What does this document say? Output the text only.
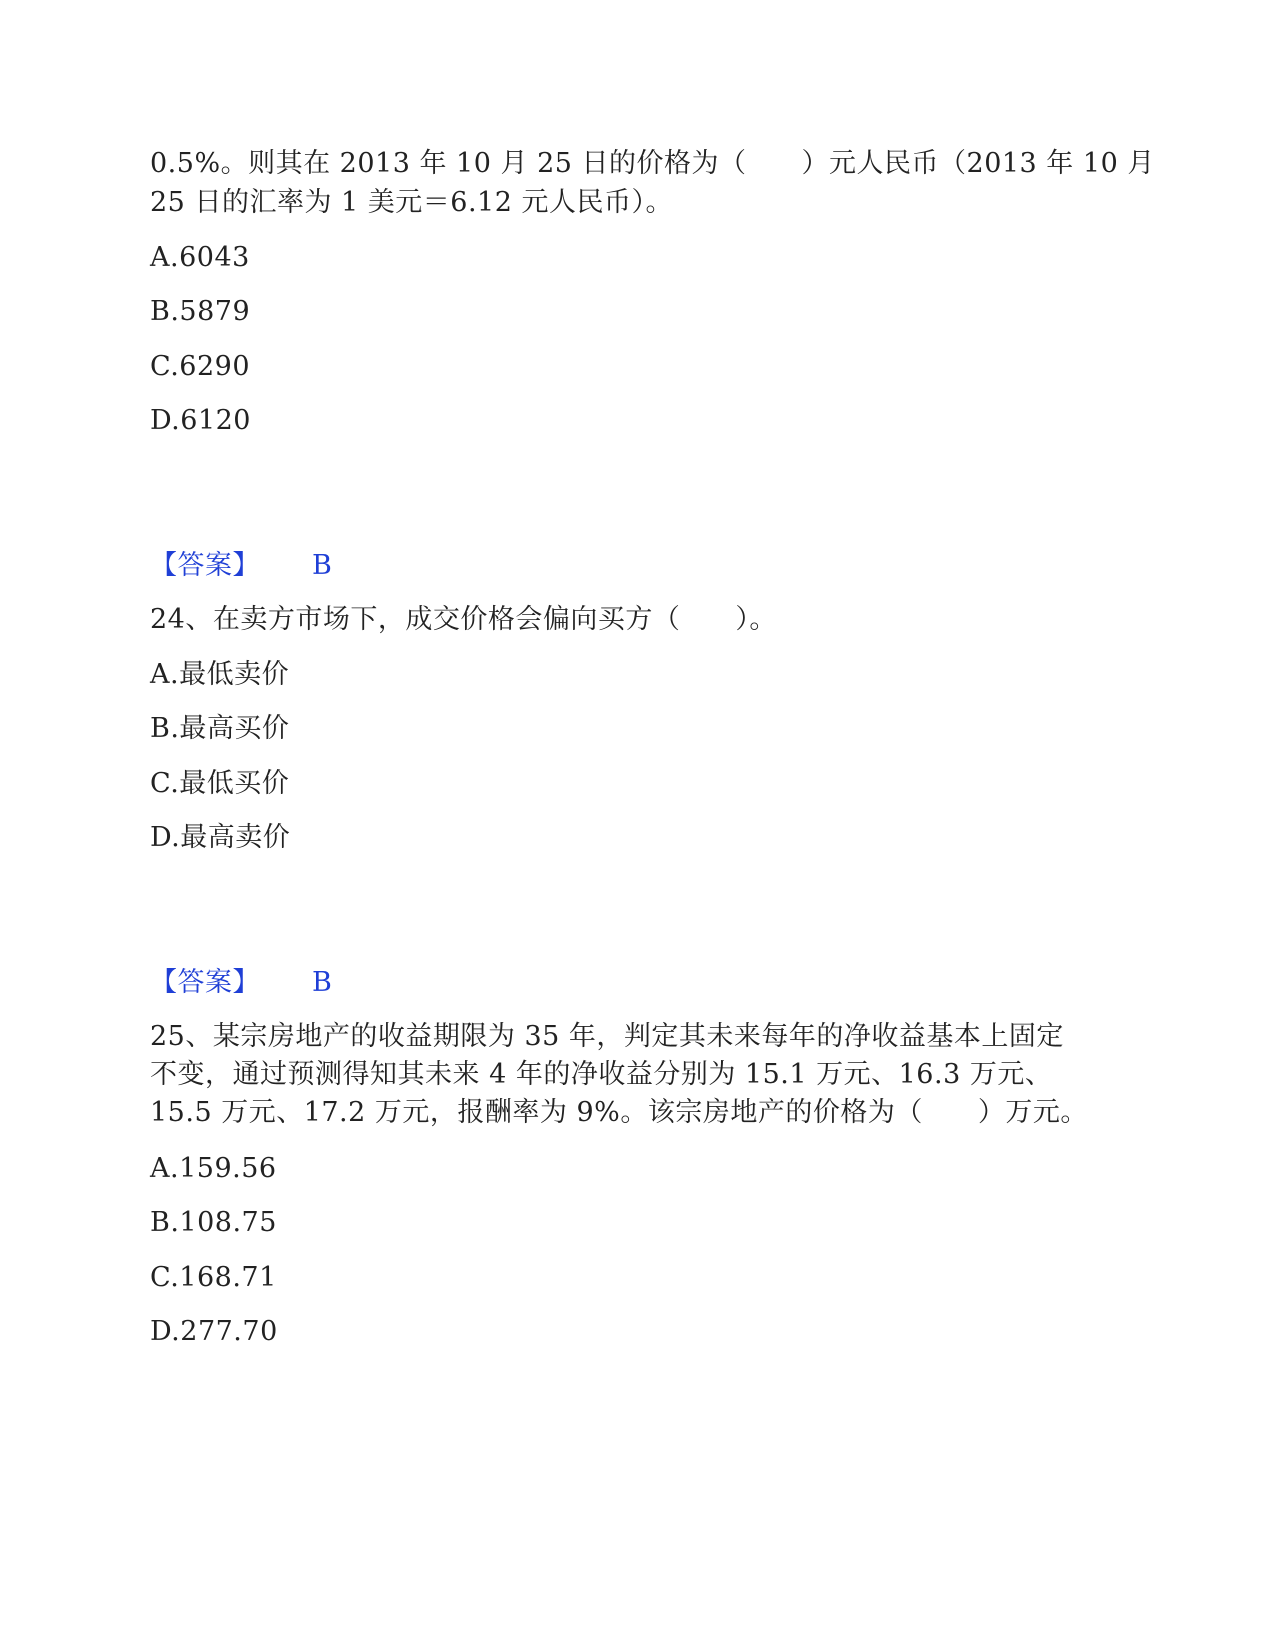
0.5%。则其在 2013 年 10 月 25 日的价格为（　　）元人民币（2013 年 10 月
25 日的汇率为 1 美元＝6.12 元人民币）。
A.6043
B.5879
C.6290
D.6120
【答案】 B
24、在卖方市场下，成交价格会偏向买方（　　）。
A.最低卖价
B.最高买价
C.最低买价
D.最高卖价
【答案】 B
25、某宗房地产的收益期限为 35 年，判定其未来每年的净收益基本上固定
不变，通过预测得知其未来 4 年的净收益分别为 15.1 万元、16.3 万元、
15.5 万元、17.2 万元，报酬率为 9%。该宗房地产的价格为（　　）万元。
A.159.56
B.108.75
C.168.71
D.277.70
